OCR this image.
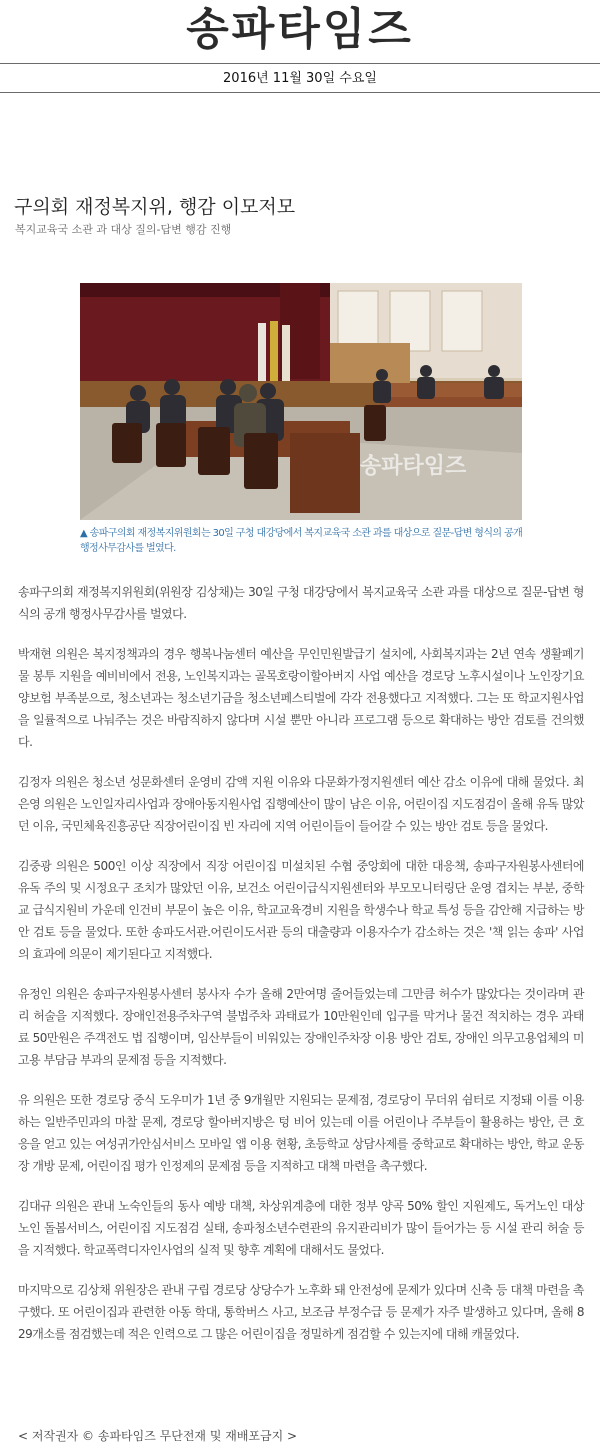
송파타임즈
2016년 11월 30일 수요일
구의회 재정복지위, 행감 이모저모
복지교육국 소관 과 대상 질의-답변 행감 진행
송파타임즈
▲ 송파구의회 재정복지위원회는 30일 구청 대강당에서 복지교육국 소관 과를 대상으로 질문-답변 형식의 공개 행정사무감사를 벌였다.

송파구의회 재정복지위원회(위원장 김상채)는 30일 구청 대강당에서 복지교육국 소관 과를 대상으로 질문-답변 형식의 공개 행정사무감사를 벌였다.

박재현 의원은 복지정책과의 경우 행복나눔센터 예산을 무인민원발급기 설치에, 사회복지과는 2년 연속 생활폐기물 봉투 지원을 예비비에서 전용, 노인복지과는 골목호랑이할아버지 사업 예산을 경로당 노후시설이나 노인장기요양보험 부족분으로, 청소년과는 청소년기금을 청소년페스티벌에 각각 전용했다고 지적했다. 그는 또 학교지원사업을 일률적으로 나눠주는 것은 바람직하지 않다며 시설 뿐만 아니라 프로그램 등으로 확대하는 방안 검토를 건의했다.

김정자 의원은 청소년 성문화센터 운영비 감액 지원 이유와 다문화가정지원센터 예산 감소 이유에 대해 물었다. 최은영 의원은 노인일자리사업과 장애아동지원사업 집행예산이 많이 남은 이유, 어린이집 지도점검이 올해 유독 많았던 이유, 국민체육진흥공단 직장어린이집 빈 자리에 지역 어린이들이 들어갈 수 있는 방안 검토 등을 물었다.

김중광 의원은 500인 이상 직장에서 직장 어린이집 미설치된 수협 중앙회에 대한 대응책, 송파구자원봉사센터에 유독 주의 및 시정요구 조치가 많았던 이유, 보건소 어린이급식지원센터와 부모모니터링단 운영 겹치는 부분, 중학교 급식지원비 가운데 인건비 부문이 높은 이유, 학교교육경비 지원을 학생수나 학교 특성 등을 감안해 지급하는 방안 검토 등을 물었다. 또한 송파도서관.어린이도서관 등의 대출량과 이용자수가 감소하는 것은 '책 읽는 송파' 사업의 효과에 의문이 제기된다고 지적했다.

유정인 의원은 송파구자원봉사센터 봉사자 수가 올해 2만여명 줄어들었는데 그만큼 허수가 많았다는 것이라며 관리 허술을 지적했다. 장애인전용주차구역 불법주차 과태료가 10만원인데 입구를 막거나 물건 적치하는 경우 과태료 50만원은 주객전도 법 집행이며, 임산부들이 비워있는 장애인주차장 이용 방안 검토, 장애인 의무고용업체의 미고용 부담금 부과의 문제점 등을 지적했다.

유 의원은 또한 경로당 중식 도우미가 1년 중 9개월만 지원되는 문제점, 경로당이 무더위 쉼터로 지정돼 이를 이용하는 일반주민과의 마찰 문제, 경로당 할아버지방은 텅 비어 있는데 이를 어린이나 주부들이 활용하는 방안, 큰 호응을 얻고 있는 여성귀가안심서비스 모바일 앱 이용 현황, 초등학교 상담사제를 중학교로 확대하는 방안, 학교 운동장 개방 문제, 어린이집 평가 인정제의 문제점 등을 지적하고 대책 마련을 촉구했다.

김대규 의원은 관내 노숙인들의 동사 예방 대책, 차상위계층에 대한 정부 양곡 50% 할인 지원제도, 독거노인 대상 노인 돌봄서비스, 어린이집 지도점검 실태, 송파청소년수련관의 유지관리비가 많이 들어가는 등 시설 관리 허술 등을 지적했다. 학교폭력디자인사업의 실적 및 향후 계획에 대해서도 물었다.

마지막으로 김상채 위원장은 관내 구립 경로당 상당수가 노후화 돼 안전성에 문제가 있다며 신축 등 대책 마련을 촉구했다. 또 어린이집과 관련한 아동 학대, 통학버스 사고, 보조금 부정수급 등 문제가 자주 발생하고 있다며, 올해 829개소를 점검했는데 적은 인력으로 그 많은 어린이집을 정밀하게 점검할 수 있는지에 대해 캐물었다.

< 저작권자 © 송파타임즈 무단전재 및 재배포금지 >
